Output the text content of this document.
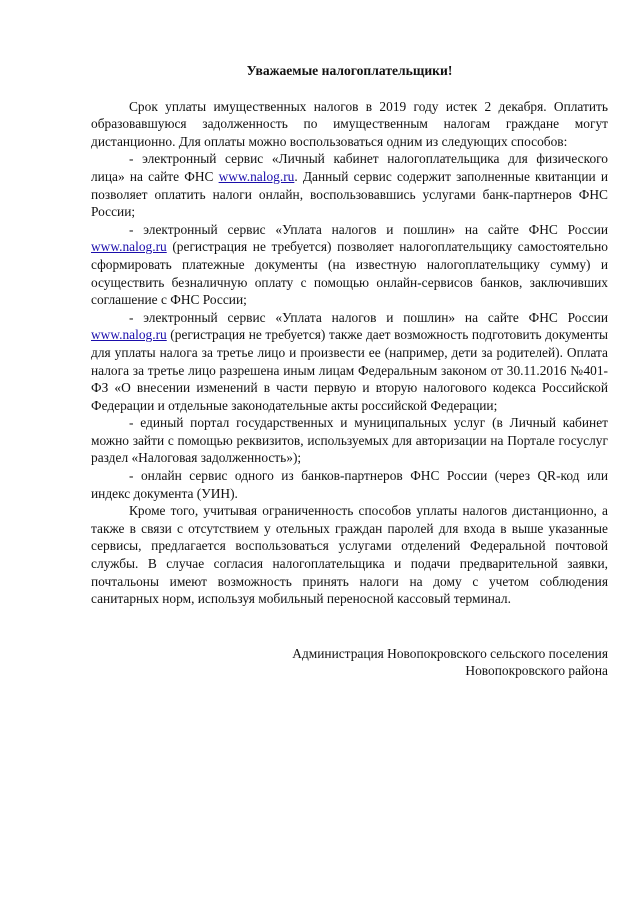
Уважаемые налогоплательщики!

Срок уплаты имущественных налогов в 2019 году истек 2 декабря. Оплатить образовавшуюся задолженность по имущественным налогам граждане могут дистанционно. Для оплаты можно воспользоваться одним из следующих способов:

- электронный сервис «Личный кабинет налогоплательщика для физического лица» на сайте ФНС www.nalog.ru. Данный сервис содержит заполненные квитанции и позволяет оплатить налоги онлайн, воспользовавшись услугами банк-партнеров ФНС России;

- электронный сервис «Уплата налогов и пошлин» на сайте ФНС России www.nalog.ru (регистрация не требуется) позволяет налогоплательщику самостоятельно сформировать платежные документы (на известную налогоплательщику сумму) и осуществить безналичную оплату с помощью онлайн-сервисов банков, заключивших соглашение с ФНС России;

- электронный сервис «Уплата налогов и пошлин» на сайте ФНС России www.nalog.ru (регистрация не требуется) также дает возможность подготовить документы для уплаты налога за третье лицо и произвести ее (например, дети за родителей). Оплата налога за третье лицо разрешена иным лицам Федеральным законом от 30.11.2016 №401-ФЗ «О внесении изменений в части первую и вторую налогового кодекса Российской Федерации и отдельные законодательные акты российской Федерации;

- единый портал государственных и муниципальных услуг (в Личный кабинет можно зайти с помощью реквизитов, используемых для авторизации на Портале госуслуг раздел «Налоговая задолженность»);

- онлайн сервис одного из банков-партнеров ФНС России (через QR-код или индекс документа (УИН).

Кроме того, учитывая ограниченность способов уплаты налогов дистанционно, а также в связи с отсутствием у отельных граждан паролей для входа в выше указанные сервисы, предлагается воспользоваться услугами отделений Федеральной почтовой службы. В случае согласия налогоплательщика и подачи предварительной заявки, почтальоны имеют возможность принять налоги на дому с учетом соблюдения санитарных норм, используя мобильный переносной кассовый терминал.

Администрация Новопокровского сельского поселения
Новопокровского района
